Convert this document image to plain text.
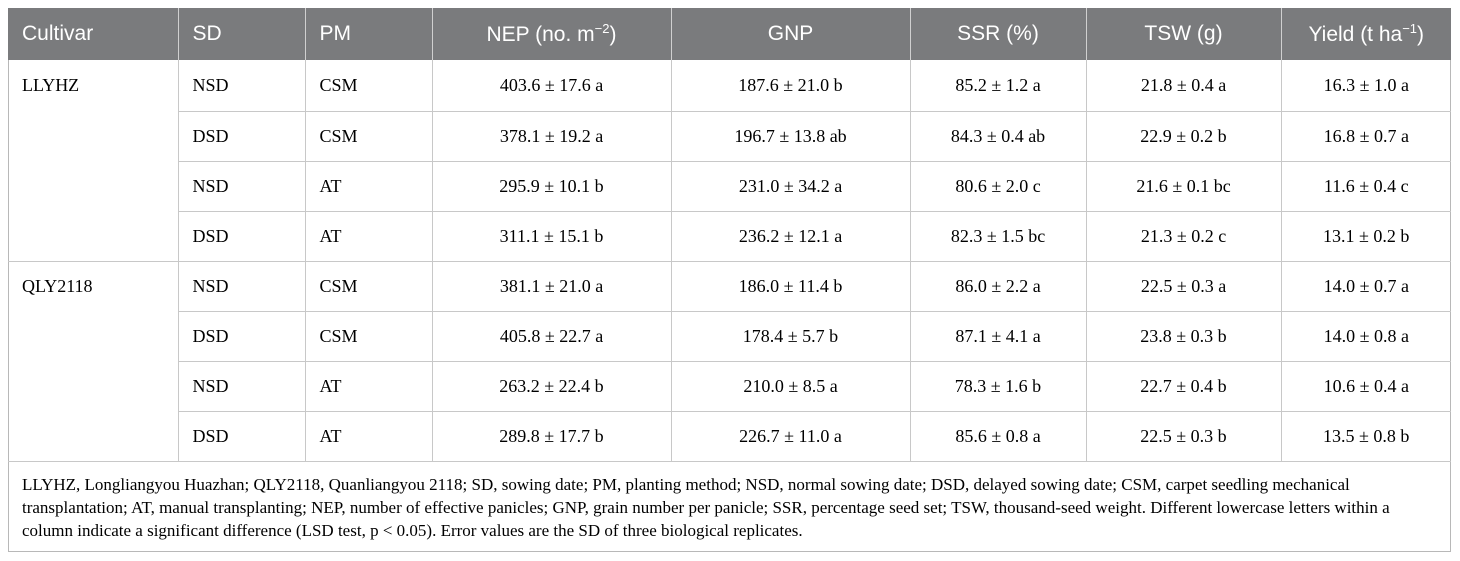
Cultivar	SD	PM	NEP (no. $m^{-2}$)	GNP	SSR (%)	TSW (g)	Yield (t $ha^{-1}$)
LLYHZ	NSD	CSM	403.6 ± 17.6 a	187.6 ± 21.0 b	85.2 ± 1.2 a	21.8 ± 0.4 a	16.3 ± 1.0 a
	DSD	CSM	378.1 ± 19.2 a	196.7 ± 13.8 ab	84.3 ± 0.4 ab	22.9 ± 0.2 b	16.8 ± 0.7 a
	NSD	AT	295.9 ± 10.1 b	231.0 ± 34.2 a	80.6 ± 2.0 c	21.6 ± 0.1 bc	11.6 ± 0.4 c
	DSD	AT	311.1 ± 15.1 b	236.2 ± 12.1 a	82.3 ± 1.5 bc	21.3 ± 0.2 c	13.1 ± 0.2 b
QLY2118	NSD	CSM	381.1 ± 21.0 a	186.0 ± 11.4 b	86.0 ± 2.2 a	22.5 ± 0.3 a	14.0 ± 0.7 a
	DSD	CSM	405.8 ± 22.7 a	178.4 ± 5.7 b	87.1 ± 4.1 a	23.8 ± 0.3 b	14.0 ± 0.8 a
	NSD	AT	263.2 ± 22.4 b	210.0 ± 8.5 a	78.3 ± 1.6 b	22.7 ± 0.4 b	10.6 ± 0.4 a
	DSD	AT	289.8 ± 17.7 b	226.7 ± 11.0 a	85.6 ± 0.8 a	22.5 ± 0.3 b	13.5 ± 0.8 b
LLYHZ, Longliangyou Huazhan; QLY2118, Quanliangyou 2118; SD, sowing date; PM, planting method; NSD, normal sowing date; DSD, delayed sowing date; CSM, carpet seedling mechanical transplantation; AT, manual transplanting; NEP, number of effective panicles; GNP, grain number per panicle; SSR, percentage seed set; TSW, thousand-seed weight. Different lowercase letters within a column indicate a significant difference (LSD test, p < 0.05). Error values are the SD of three biological replicates.							
